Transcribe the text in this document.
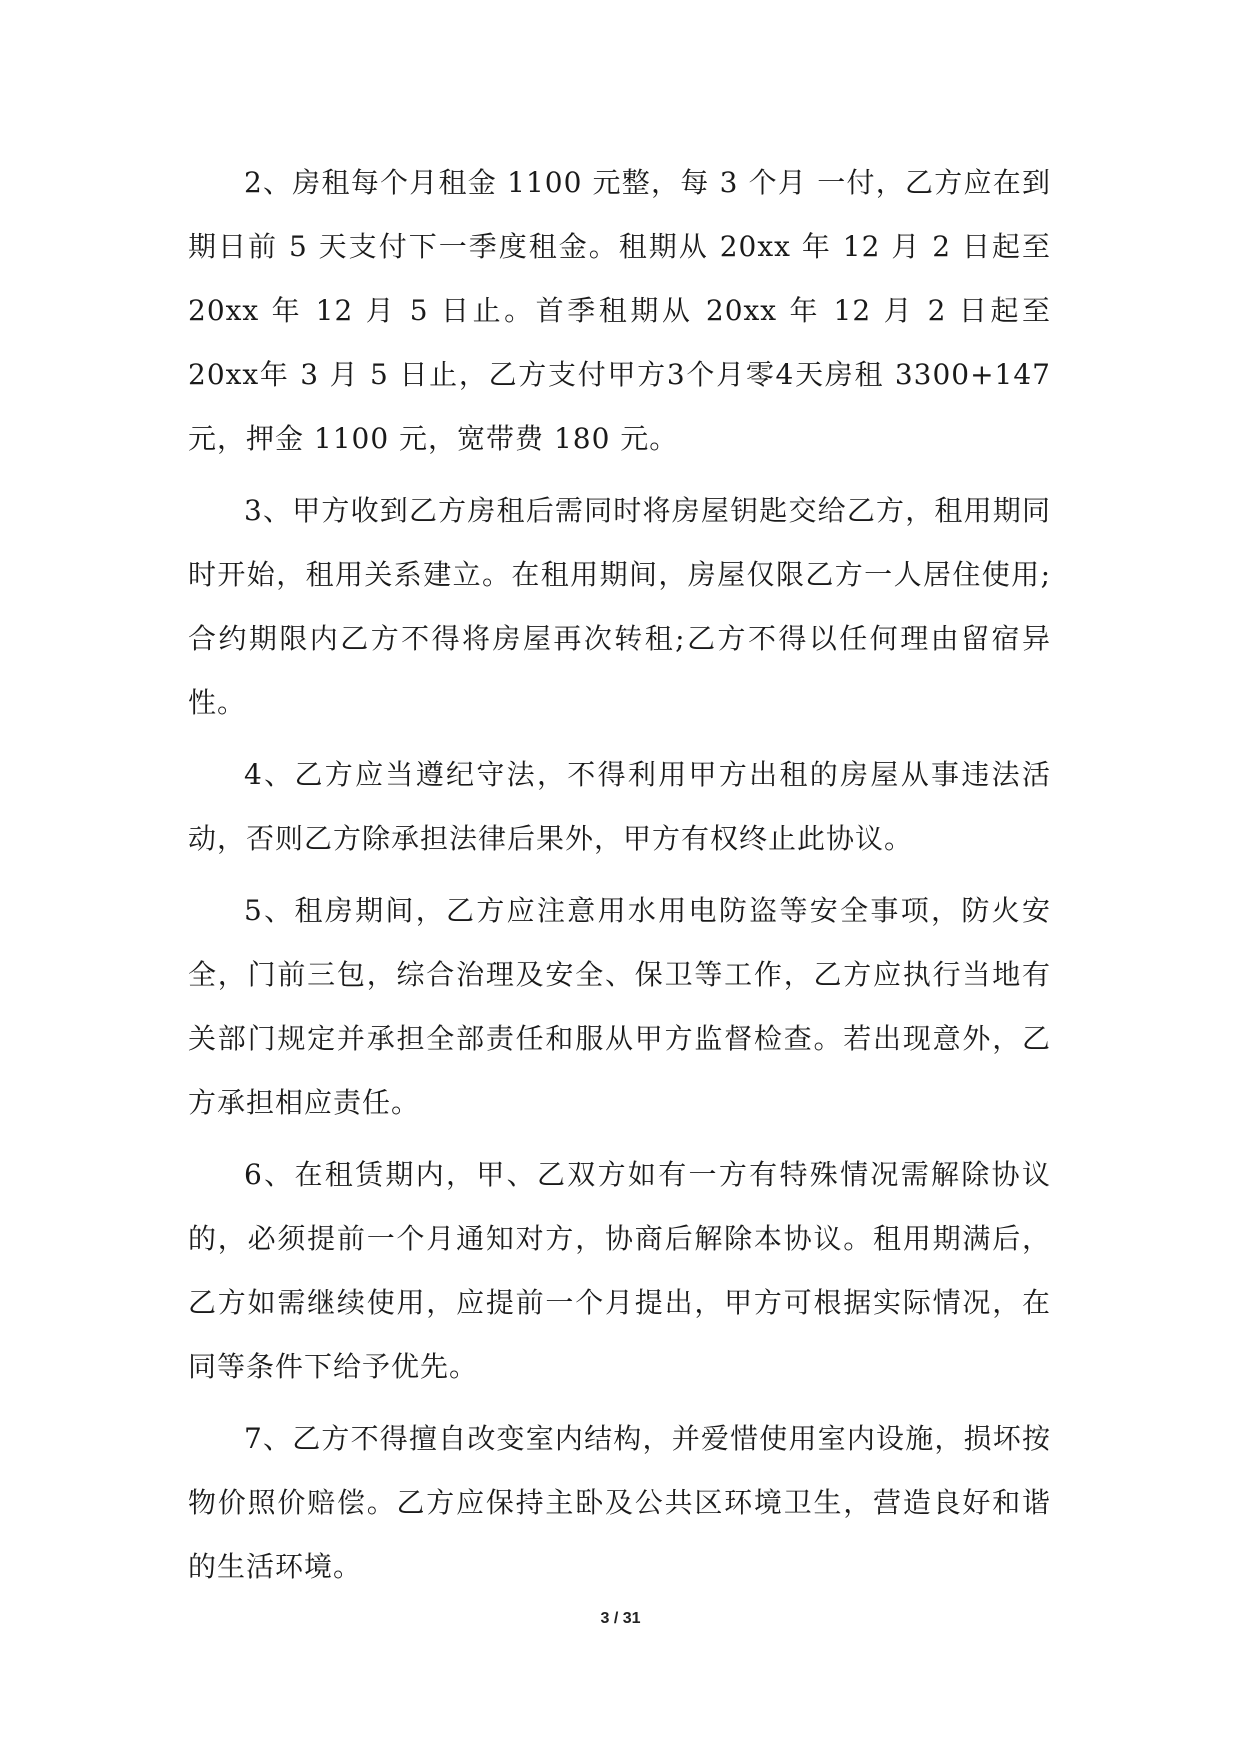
2、房租每个月租金 1100 元整，每 3 个月 一付，乙方应在到期日前 5 天支付下一季度租金。租期从 20xx 年 12 月 2 日起至 20xx 年 12 月 5 日止。首季租期从 20xx 年 12 月 2 日起至 20xx年 3 月 5 日止，乙方支付甲方3个月零4天房租 3300+147 元，押金 1100 元，宽带费 180 元。

3、甲方收到乙方房租后需同时将房屋钥匙交给乙方，租用期同时开始，租用关系建立。在租用期间，房屋仅限乙方一人居住使用;合约期限内乙方不得将房屋再次转租;乙方不得以任何理由留宿异性。

4、乙方应当遵纪守法，不得利用甲方出租的房屋从事违法活动，否则乙方除承担法律后果外，甲方有权终止此协议。

5、租房期间，乙方应注意用水用电防盗等安全事项，防火安全，门前三包，综合治理及安全、保卫等工作，乙方应执行当地有关部门规定并承担全部责任和服从甲方监督检查。若出现意外，乙方承担相应责任。

6、在租赁期内，甲、乙双方如有一方有特殊情况需解除协议的，必须提前一个月通知对方，协商后解除本协议。租用期满后，乙方如需继续使用，应提前一个月提出，甲方可根据实际情况，在同等条件下给予优先。

7、乙方不得擅自改变室内结构，并爱惜使用室内设施，损坏按物价照价赔偿。乙方应保持主卧及公共区环境卫生，营造良好和谐的生活环境。

3 / 31
